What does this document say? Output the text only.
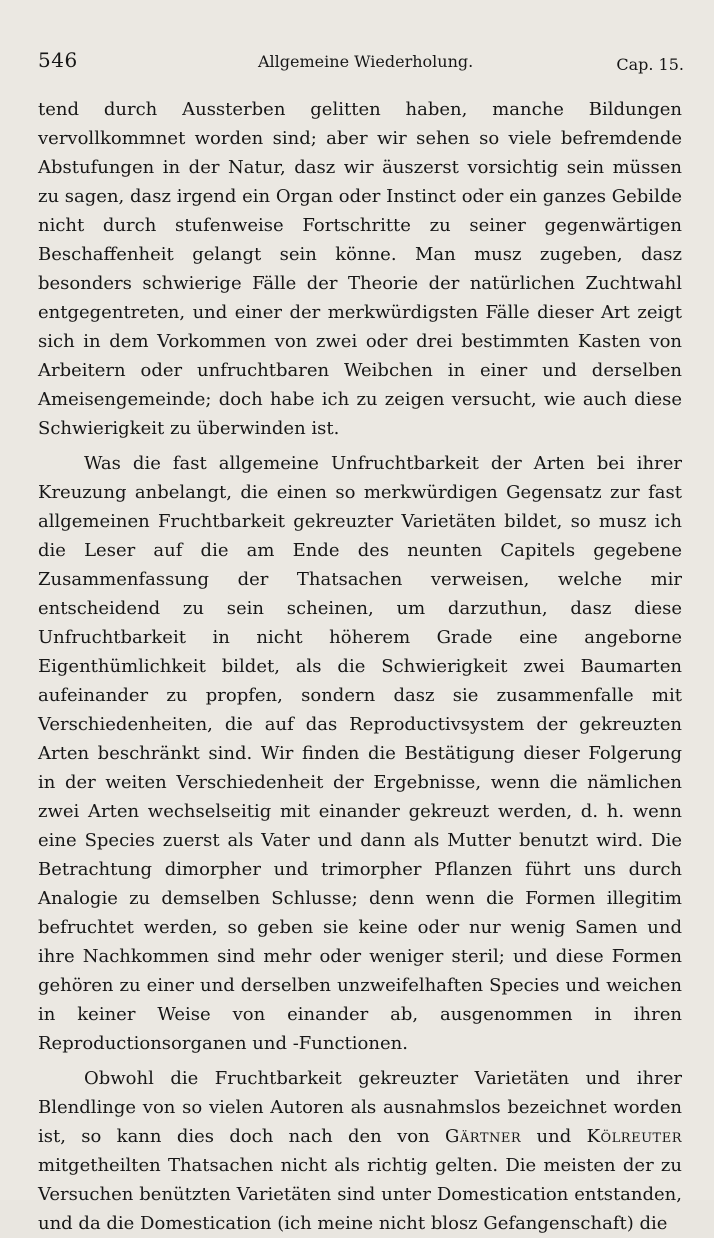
546	Allgemeine Wiederholung.	Cap. 15.

tend durch Aussterben gelitten haben, manche Bildungen vervollkommnet worden sind; aber wir sehen so viele befremdende Abstufungen in der Natur, dasz wir äuszerst vorsichtig sein müssen zu sagen, dasz irgend ein Organ oder Instinct oder ein ganzes Gebilde nicht durch stufenweise Fortschritte zu seiner gegenwärtigen Beschaffenheit gelangt sein könne. Man musz zugeben, dasz besonders schwierige Fälle der Theorie der natürlichen Zuchtwahl entgegentreten, und einer der merkwürdigsten Fälle dieser Art zeigt sich in dem Vorkommen von zwei oder drei bestimmten Kasten von Arbeitern oder unfruchtbaren Weibchen in einer und derselben Ameisengemeinde; doch habe ich zu zeigen versucht, wie auch diese Schwierigkeit zu überwinden ist.

Was die fast allgemeine Unfruchtbarkeit der Arten bei ihrer Kreuzung anbelangt, die einen so merkwürdigen Gegensatz zur fast allgemeinen Fruchtbarkeit gekreuzter Varietäten bildet, so musz ich die Leser auf die am Ende des neunten Capitels gegebene Zusammenfassung der Thatsachen verweisen, welche mir entscheidend zu sein scheinen, um darzuthun, dasz diese Unfruchtbarkeit in nicht höherem Grade eine angeborne Eigenthümlichkeit bildet, als die Schwierigkeit zwei Baumarten aufeinander zu propfen, sondern dasz sie zusammenfalle mit Verschiedenheiten, die auf das Reproductivsystem der gekreuzten Arten beschränkt sind. Wir finden die Bestätigung dieser Folgerung in der weiten Verschiedenheit der Ergebnisse, wenn die nämlichen zwei Arten wechselseitig mit einander gekreuzt werden, d. h. wenn eine Species zuerst als Vater und dann als Mutter benutzt wird. Die Betrachtung dimorpher und trimorpher Pflanzen führt uns durch Analogie zu demselben Schlusse; denn wenn die Formen illegitim befruchtet werden, so geben sie keine oder nur wenig Samen und ihre Nachkommen sind mehr oder weniger steril; und diese Formen gehören zu einer und derselben unzweifelhaften Species und weichen in keiner Weise von einander ab, ausgenommen in ihren Reproductionsorganen und -Functionen.

Obwohl die Fruchtbarkeit gekreuzter Varietäten und ihrer Blendlinge von so vielen Autoren als ausnahmslos bezeichnet worden ist, so kann dies doch nach den von Gärtner und Kölreuter mitgetheilten Thatsachen nicht als richtig gelten. Die meisten der zu Versuchen benützten Varietäten sind unter Domestication entstanden, und da die Domestication (ich meine nicht blosz Gefangenschaft) die
